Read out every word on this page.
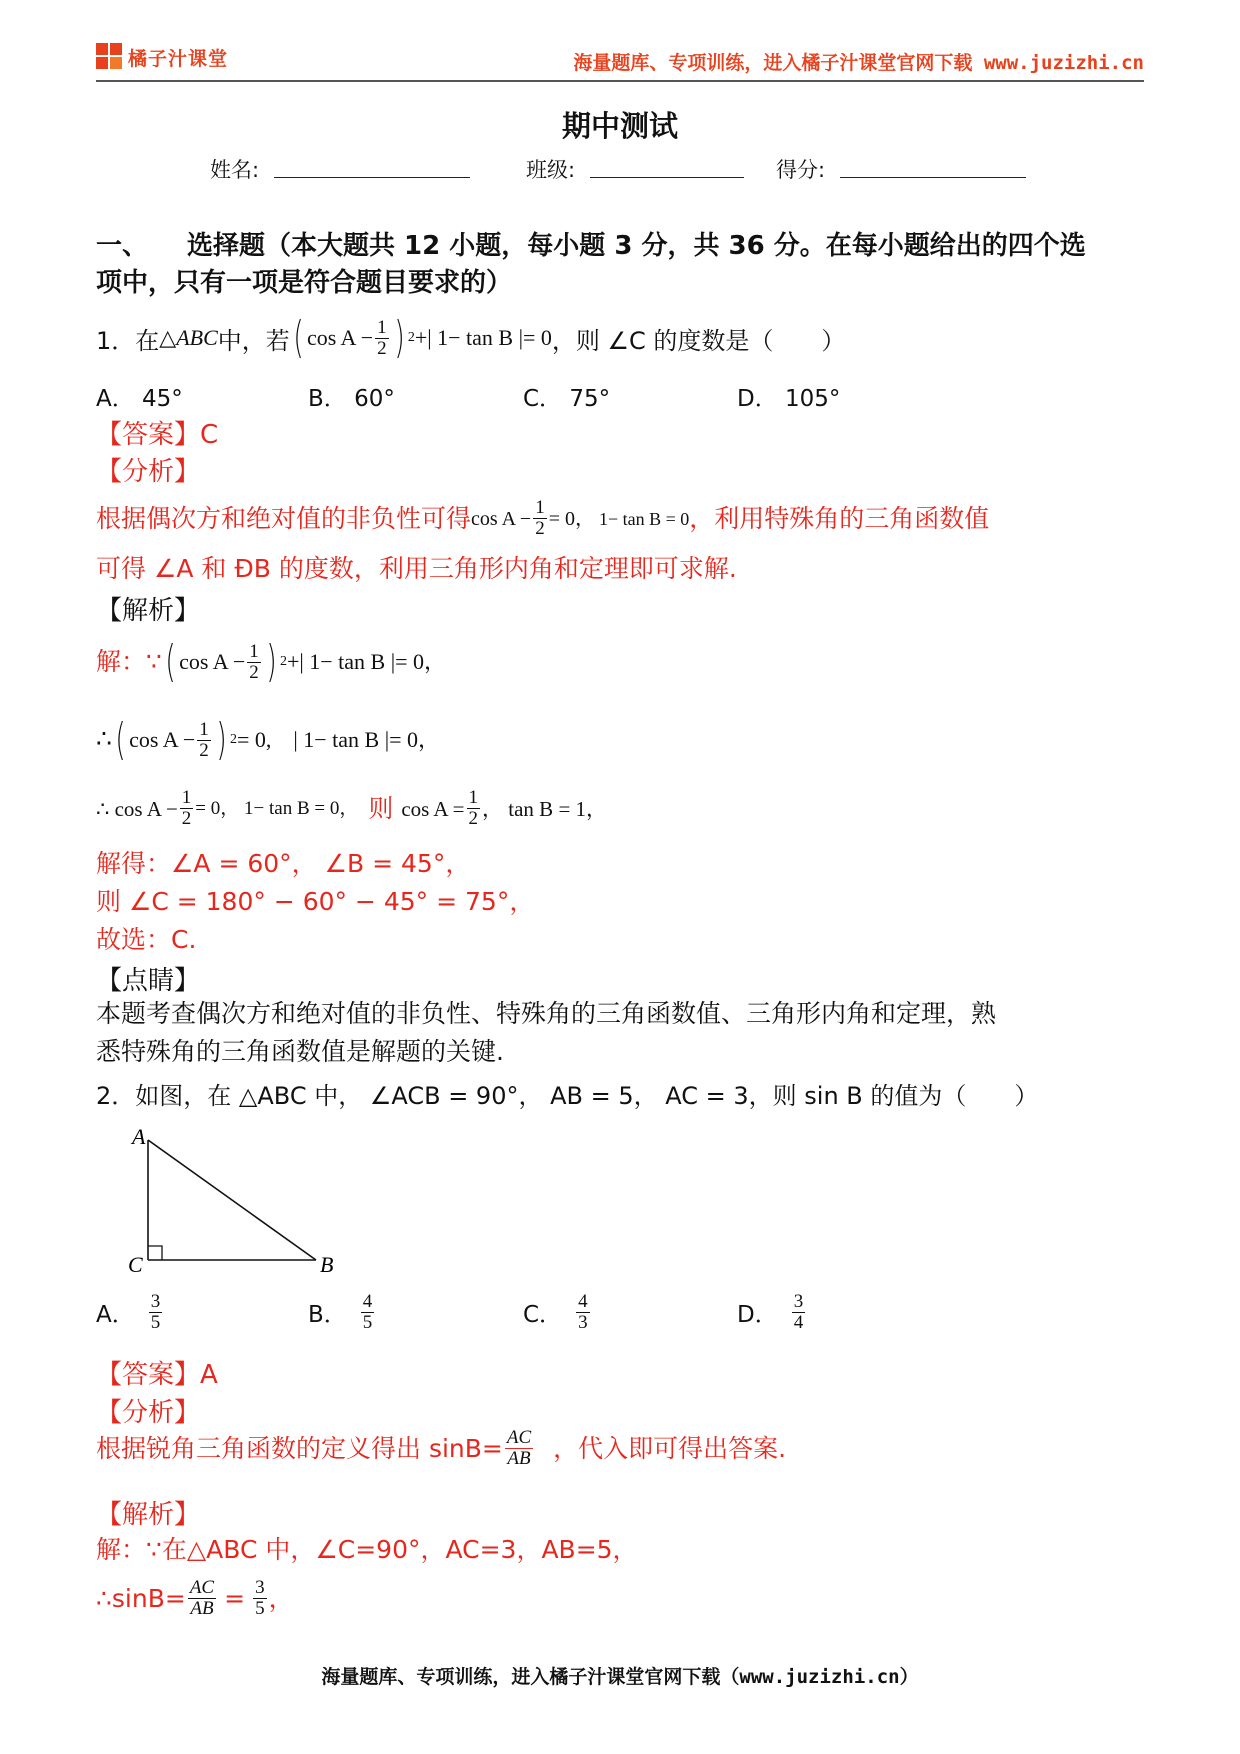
橘子汁课堂	海量题库、专项训练，进入橘子汁课堂官网下载 www.juzizhi.cn
期中测试
姓名:	班级:	得分:
一、　　选择题（本大题共 12 小题，每小题 3 分，共 36 分。在每小题给出的四个选
项中，只有一项是符合题目要求的）
1．在 △ABC 中，若 ( $\cos A - \frac{1}{2}$ ) 2 +| 1− tan B |= 0 ，则 ∠C 的度数是（　　）
A． 45°	B． 60°	C． 75°	D． 105°
【答案】C
【分析】
根据偶次方和绝对值的非负性可得 $\cos A - \frac{1}{2} = 0$， 1− tan B = 0 ，利用特殊角的三角函数值
可得 ∠A 和 ÐB 的度数，利用三角形内角和定理即可求解.
【解析】
解：∵ ( $\cos A - \frac{1}{2}$ ) 2 +| 1− tan B |= 0，
∴ ( $\cos A - \frac{1}{2}$ ) 2 = 0,　| 1− tan B |= 0，
∴ $\cos A - \frac{1}{2} = 0$， 1− tan B = 0， 则 $\cos A = \frac{1}{2}$ ， tan B = 1，
解得：∠A = 60°， ∠B = 45°，
则 ∠C = 180° − 60° − 45° = 75°，
故选：C.
【点睛】
本题考查偶次方和绝对值的非负性、特殊角的三角函数值、三角形内角和定理，熟
悉特殊角的三角函数值是解题的关键.
2．如图，在 △ABC 中， ∠ACB = 90°， AB = 5， AC = 3，则 sin B 的值为（　　）
A
C	B
A． $\frac{3}{5}$	B． $\frac{4}{5}$	C． $\frac{4}{3}$	D． $\frac{3}{4}$
【答案】A
【分析】
根据锐角三角函数的定义得出 $\sin B= \frac{AC}{AB}$ ，代入即可得出答案.
【解析】
解：∵在△ABC 中，∠C=90°，AC=3，AB=5，
∴sinB= $\frac{AC}{AB} = \frac{3}{5}$ ，
海量题库、专项训练，进入橘子汁课堂官网下载（www.juzizhi.cn）
